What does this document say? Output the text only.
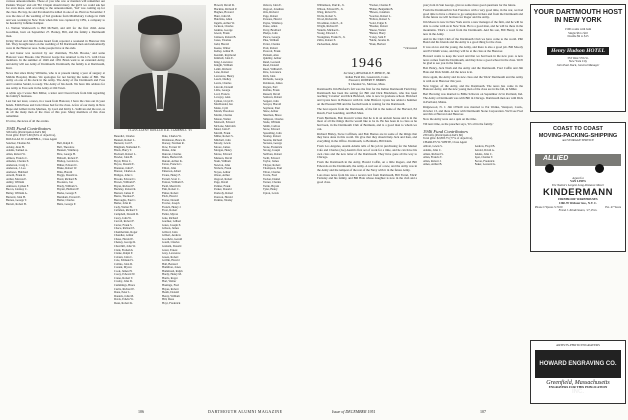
various announcements. Those of you who saw or mention will remember our Perkins 'Proper' and old 'Bo' Chapin should marry the girl'd we could ask her for even more. And according to the announcement, 'Ted' was coming up for the class. He buy, he and Pat should be killed in one of us. Hard as November 3 was the date of the wedding of Ted graduate from Middlebury College in 1949 and was working in New York when this was captured by CBS, a company to be headed by Johnnie Kamper.
Lt. Walton Wadsworth to Bill McNeill, and still for the first child. Anne Goodman, born on September 27. Barney, Bill, and the family a Dartmouth man.
Irving Wood and Jim Brooks heard from reported a weekend in Hanover this fall. They brought news on the wedding of Ed Dartmouth men and undoubtedly were in the Hanover area. Some people have at the ends.
A real honor was received by our chairman, 'Ex-Mr. Brooks,' and some Hanover were Brooks. Our Harvest Gorge has returned to the U.S. with Class members. In the summer of 1949 and 1951 Brian went to an extended Army, and Army will see Army of Dartmouth. Dartmouth, the family is at Dartmouth, Kurt.
News that since Ricky Williams, who is at present taking a year of surgery at Middle Hospital, Maine. We apologize for not having the name of Bill. The Army on one of his deck in the Army. The Army of the Dartmouth and Foss and Caroline Seidel, is ready. The Army of his death. We have this address for use Army to Foss sent in the Army at Old Town.
A while ago I wrote Bob Miller, a letter and I heard back from him regarding his family's business.
Last but not least, a news, in a week from Hanover, I have the class out in your hands. Edith Prese and Jack Chase had for the class. A few of our many in New Hope and Gilbert in the Marines, by Cord and Kirby L. Sullivan and the rest, as do all the many men of the class of this year. Many members of this class remember.
It's nice, the news of all the events.
1945 Fund Contributors
326 Gifts (Participation Ind'x 66)
Total gifts: $3,071.60 (84% of objective),
DOUGLAS W. CAMPBELL, Class Agent
Sanchez, Thomas M.
Ackley, Alan H.
Adams, Samuel A.
Allen, Robert W.
Allison, Francis C.
Amsden, Charles E.
Anderson, Craig C.
Anderson, J. Leo
Andrews, Hubbard
Arnold, Frank O.
Arthur, Marcus E.
Ashby, William
Atkinson, Lyman F.
Bacon, Lindsay C.
Bailey, William A.
Barnard, John H.
Barnes, George T.
Barrett, Robert B.
Bell, Ralph E.
Bell, Theodore
Bennett, Winthrop
Bice, George H.
Bidwell, Robert F.
Bishop, Gordon G.
Bither, Edward C.
Blake, Robert W.
Bliss, Harold
Boggs, Donald A.
Bond, Richard B.
Boonstra, Jon
Brady, William S.
Bryant, Hubbard F.
Burke, George F.
Burnham, Everett E.
Butler, Charles
Butts, George P.
CLASS AGENT DONALD D.R. CAMPBELL '45
Benedict, Charles
Bennett, Robert L.
Bernard, Carl F.
Bingham, Nathaniel E.
Black, Harry T.
Bodwell, Robert L.
Bowler, John H.
Boyd, Elliot C.
Boyce, Donald E.
Brennan, John F.
Brewer, Charles A.
Bridges, John C.
Brooks, Edward C.
Brown, William F.
Bryan, Richard F.
Buckley, Robert R.
Burnett, James P.
Burns, Thomas F.
Burroughs, Paul C.
Butler, John R.
Cady, Walter H.
Callahan, Richard T.
Campbell, Donald D.
Carey, John W.
Carroll, Robert F.
Carter, Frank S.
Chace, Richard E.
Chamberlain, Roger
Chandler, Arthur
Chase, Harold E.
Cheney, George R.
Churchill, John W.
Clark, Frederick
Clarke, Ralph P.
Coburn, John C.
Cole, Edmund S.
Collins, John D.
Conant, Myron
Cook, James H.
Corey, Edward W.
Crane, Robert T.
Crosby, John D.
Cummings, Bruce
Curtis, Richard E.
Dana, Peter L.
Daniels, John M.
Davis, Edwin W.
Dean, Robert K.
Dale, Charles W.
Dickinson, Bruce R.
Dorsey, Norman R.
Dow, Forrest W.
Drake, John
Duncan, Charles
Dunn, Herbert M.
Durant, Arthur K.
Eaton, Francis C.
Elliott, John
Emerson, Albert
Evans, Henry F.
Farrell, Scott C.
Fenton, William E.
Field, Merritt D.
Fish, Robert C.
Fisher, Robert
Fitch, Harold
Foster, Donald
Fowler, Joseph
French, Henry J.
Frost, Robert
Fuller, Myron
Gale, Richard
Gardner, Gilbert
Gates, Joseph E.
Gibson, James
Gifford, John
Gilbert, Andrew
Goodwin, Gerald
Gould, Charles
Graham, Donald
Grant, Ernest
Gray, Lawrence
Green, Robert
Griffin, Harold
Hall, Bernard
Hamilton, Jones
Hammond, Ralph
Hardy, Henry M.
Harris, Roger
Hart, Walter
Hastings, Fred
Hayes, Robert
Heath, Donald
Henry, William
Hill, Dana
Hoyt, Frederick
Howell, David D.
Huckins, Richard P.
Hughes, Howard
Hunt, John M.
Hutchins, Allen
Ingalls, Arthur W.
Jackson, Charles
Jenkins, George
Jewett, Frank
Johnson, Robert B.
Jones, Thomas
Judd, Harold
Keene, Walter
Kelley, Arthur B.
Kendall, Raymond
Kimball, John E.
King, Lawrence
Knight, William
Lamb, Richard
Lane, Robert
Lawrence, Henry
Leach, Dudley
Lewis, Charles
Lincoln, Donald
Little, George
Lord, Francis
Lovejoy, Alan
Lyman, Lloyd E.
MacDonald, Ian
Mann, Cyril
Marsh, Theodore
Martin, Charles
Mason, Walter
Maxwell, Edward
McLane, Malcolm
Mead, John F.
Merrill, Frank
Miller, Robert S.
Mitchell, John
Moody, Lewis
Moore, James
Morgan, Henry
Morse, Edward
Munson, David
Nash, William
Newton, John
Nichols, Frank
Noyes, Arthur
Olson, Arthur
Osgood, Robert
Page, David
Palmer, Frank
Parker, Donald
Peabody, Robert
Pearson, Harold
Perkins, Wesley
Osborn, John E.
Osgood, Jonathan
Otis, Richard
Page, Robert
Parsons, Harold
Payne, Winthrop
Pease, Allen
Perry, Bradford
Phelps, John
Pierce, George
Pike, William
Potter, Charles
Pratt, Robert
Prescott, Frank
Putnam, Alan
Quimby, Arthur
Rand, Leonard
Read, Donald
Reed, William E.
Rice, Lawrence
Rich, John
Richards, George
Robinson, James
Rogers, Earl
Rollins, Frank
Russell, David
Sanborn, Robert
Sargent, John
Sawyer, Harold
Seymour, Paul
Shaw, Arthur
Sherman, Bruce
Simpson, Charles
Slade, William
Smith, Carlton
Snow, Edward
Spaulding, John
Stanley, Robert
Stearns, Richard
Stevens, George
Stone, Frederick
Strong, Joseph
Sullivan, Robert
Swift, Edward
Taylor, James
Thayer, Robert
Thompson, Paul
Tilton, Charles
Towle, Fred
Tucker, Daniel
Turner, Charles
Tuttle, Bryant
Tyler, Henry
Upton, Lewis
106	DARTMOUTH ALUMNI MAGAZINE
Williamson, Paul R., Jr.
Wilson, Edward H., Jr.
Wing, Robert W.
Wolfe, Robert S.
Wood, Richard R.
Woodman, John E., Jr.
Wright, Richard P.
Yanulis, Michael L.
Young, Edward J.
Youngman, Frank N., Jr.
Zirlin, Robert E.
Zuckerman, Allen
*Tucker, Charles F.
*Fisher, Benjamin B.
*Hawes, Jonathan
*Gordon, Robert L.
*Fellow, Robert S.
*Gold, Edgar E.
*Boulter, Robert
*Reese, Walter
*Baxter, Harry
*Coley, Sam F.
*Mohr, Jerome D.
*Peek, Herbert
* Deceased
1946
Secretary, REGINALD F. PIERCE, JR.
Indian Field Rd., Greenwich, Conn.
Treasurer, ROBERT F. BERRIS
9 Chestnut St., Melrose, Mass.
Dartmouth's Jim Bixford's fall was the first for the Indian Dartmouth Field Day. Dartmouth has been the setting for Bill and Dick Blackburn, who has been teaching 'Cavalier' and Dick Bickford, who is now in graduate school. Bickford and Lyons have in Hanover with Dr. John Bixford. Lyons has added a hammer on the Pleasant Hill and the football team is waiting for the Dartmouth.
The best reports from the Dartmouth, of the fall is the name of the Harvard, Ed Rusch, Fred Goulding, and Bob Mast.
From Bermuda, Bob Roswitt writes that he is in an ancient house and is in the most of all the things that he would like to be in. He has been in to class as he had been, in the Dartmouth Club of Bermuda, and is a good man to whom we can.
Richard Bixley, Steve Coffman, and Bob Barnes are in some of the things that they have done in this world. We give that they should help Jack and Ken, and everything in the Office. Dartmouth, to Bermuda, Bill Klein.
From Los Angeles, Austin Adams tells of his job in purchasing for the Market Cafe and Charles (Joe) Austin's first set of work for a time, and he can have his own class and the new letter of the Dartmouth. They have gone all the way to Chicago.
From the Dartmouth in the Army, Harold Coffin, on a little Rogers, and Bill Edwards on the Dartmouth, the Army. A real son of a new, and the Army was in the Army and the tempest of the rest of the Navy with it in the future Army.
Lots more news from his was a recent card from Dartmouth, Bill Farrel, 'Dick' Farnsley and his family, and Bill Hale whose daughter is now in the club and a good class.
year) Join in Sun George, give us some more good questions for the future.
From the Dartmouth in San Francisco with a very good time, in the war, we had good time to have a chance to go someplace in here and from the Dartmouth and in the future we will be there for Roger and the Army.
Jim Moore is now in New York and is a new manager of the firm, and he will be able to come with us in New York. He is a good man, and he will be there in the mountains. That's a word from the Dartmouth. And his son, Bill Henry, is the new in the Army.
And in the Club Club of the Dartmouth Club we have come to the world. Phil Bond and his friends and the Army is a good thing for the class.
It was an ice and the young, the Army, and there is also a good job. Bill Moody and Ed Smith wrote, and they will be at the class at the Hanover.
Howard wants to keep the word and that we had been in the new year. A new news comes from the Dartmouth, and they have a good school in the class. We'll be glad to see you in the future.
Bob Henry, Jack Nash and the Army and the Dartmouth. Fred Coffin and Jim Hale and Dick Smith. All the news is in.
Once again, the Army and its new class and the 'Dick' Dartmouth and the Army is with us in Hanover this year.
New bigger, of the Army, and the Dartmouth. The news has come in the Hanover Army, and the new young men of the class are in the fall, in Miller.
Bert Brewing was married to Billie Schwarz on September 22 in Portland, Ind. The Army at Dartmouth was with Bill in Chicago. Dartmouth men are with Dick in Portland, Maine.
Ridgewood, N. J. Jim O'Neill was married to Pat Wenks, Westport, Conn., October 13, and there is now with Dartmouth Stone Corporation. We'll see Fred and Jim at Harvard and Hanover.
Now the Army were out a quiz on the time.
Till next time, as the preacher says, 'It's all in the family.'
1946 Fund Contributors
239 Gifts (Participation Ind'x 66)
Total gifts: $2,893.75 (77% of objective),
CHARLES W. WHITE, Class Agent
Abbott, Lewis S.
Adams, John C.
Alden, Richard S.
Allen, Francis T.
Allen, Robert J.
Ames, Arthur B.
Andrew, Floyd B.
Arnold, David A.
Atkins, John C.
Ayer, Charles T.
Bacon, Frederick
Baker, Leonard G.
Issue of DECEMBER 1951	107
YOUR DARTMOUTH HOST
IN NEW YORK
1500 rooms with bath
Single $6 to $10
Double $9 to $15
Henry Hudson HOTEL
353 West 57th St.
New York City
John Paul Stack, General Manager
COAST TO COAST
MOVING-PACKING-SHIPPING
and STORAGE SERVICE
ALLIED
Agent for
VAN LINES
The Nation's Largest Long-Distance Mover
KINDERMANN
FIREPROOF WAREHOUSES
1360-70 Webster Ave., N.Y. C.
Phone CYpress 3-7100	Est. 47 Years
Frank J. Kindermann, '27, Pres.
ARTISTS-PHOTO ENGRAVERS
HOWARD ENGRAVING CO. INC.
Greenfield, Massachusetts
ENGRAVERS FOR THIS PUBLICATION
